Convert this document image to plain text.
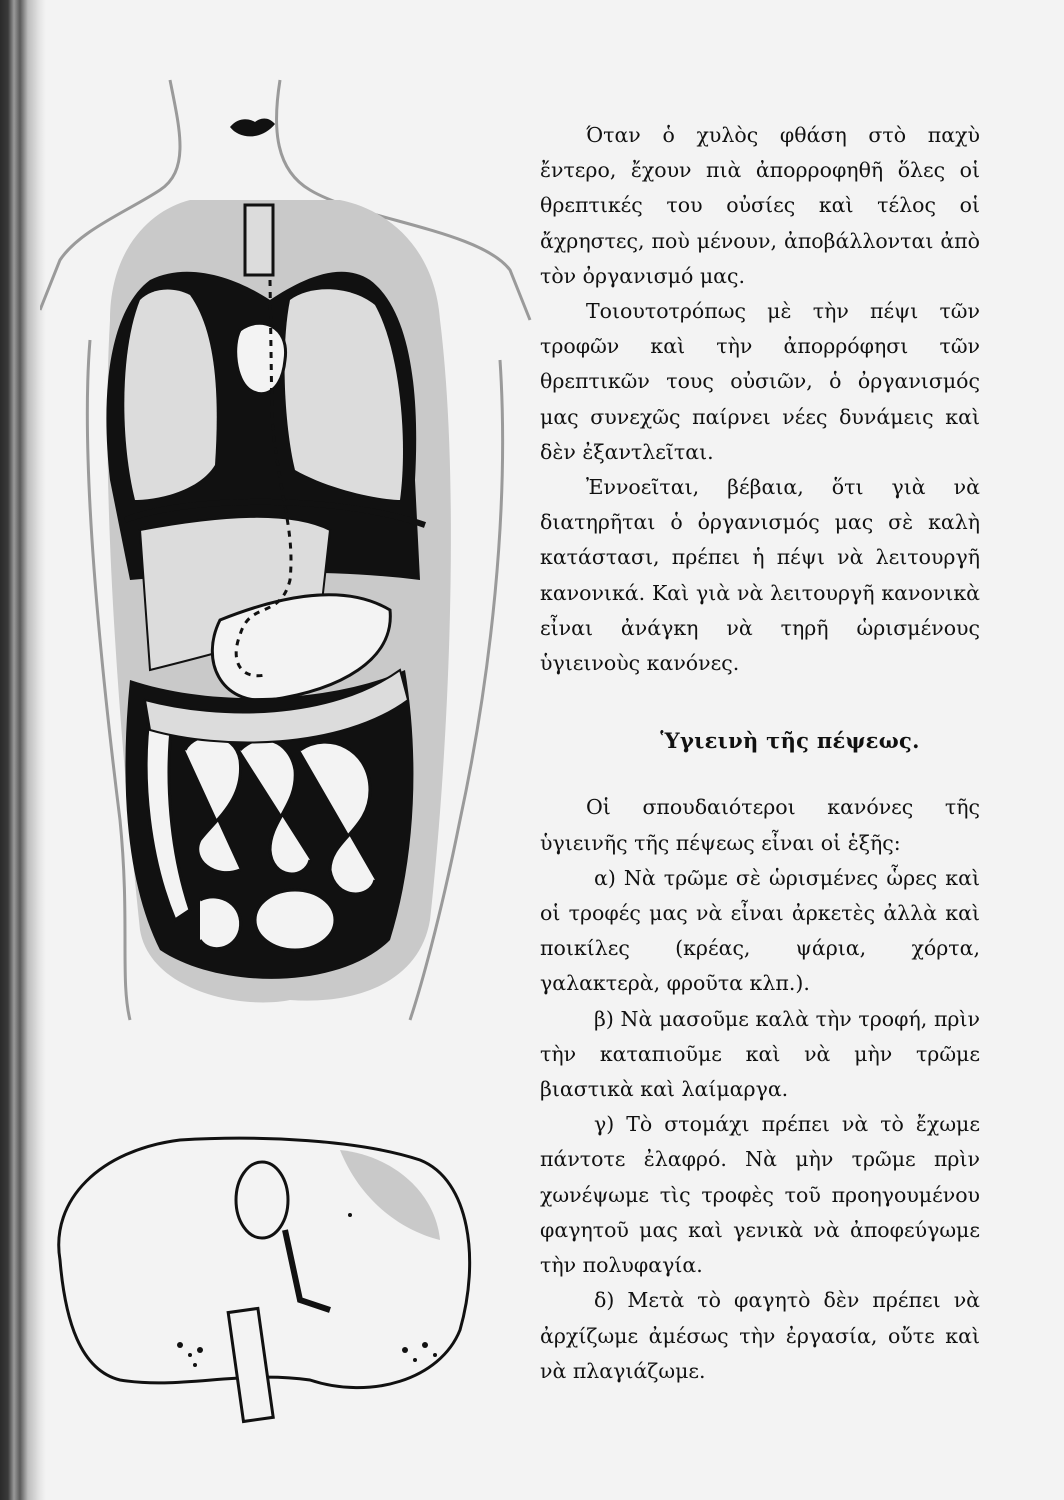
Όταν ὁ χυλὸς φθάση στὸ παχὺ ἔντερο, ἔχουν πιὰ ἀπορροφηθῆ ὅλες οἱ θρεπτικές του οὐσίες καὶ τέλος οἱ ἄχρηστες, ποὺ μένουν, ἀποβάλλονται ἀπὸ τὸν ὀργανισμό μας.

Τοιουτοτρόπως μὲ τὴν πέψι τῶν τροφῶν καὶ τὴν ἀπορρόφησι τῶν θρεπτικῶν τους οὐσιῶν, ὁ ὀργανισμός μας συνεχῶς παίρνει νέες δυνάμεις καὶ δὲν ἐξαντλεῖται.

Ἐννοεῖται, βέβαια, ὅτι γιὰ νὰ διατηρῆται ὁ ὀργανισμός μας σὲ καλὴ κατάστασι, πρέπει ἡ πέψι νὰ λειτουργῆ κανονικά. Καὶ γιὰ νὰ λειτουργῆ κανονικὰ εἶναι ἀνάγκη νὰ τηρῆ ὡρισμένους ὑγιεινοὺς κανόνες.

Ὑγιεινὴ τῆς πέψεως.

Οἱ σπουδαιότεροι κανόνες τῆς ὑγιεινῆς τῆς πέψεως εἶναι οἱ ἑξῆς:

α) Νὰ τρῶμε σὲ ὡρισμένες ὧρες καὶ οἱ τροφές μας νὰ εἶναι ἀρκετὲς ἀλλὰ καὶ ποικίλες (κρέας, ψάρια, χόρτα, γαλακτερὰ, φροῦτα κλπ.).

β) Νὰ μασοῦμε καλὰ τὴν τροφή, πρὶν τὴν καταπιοῦμε καὶ νὰ μὴν τρῶμε βιαστικὰ καὶ λαίμαργα.

γ) Τὸ στομάχι πρέπει νὰ τὸ ἔχωμε πάντοτε ἐλαφρό. Νὰ μὴν τρῶμε πρὶν χωνέψωμε τὶς τροφὲς τοῦ προηγουμένου φαγητοῦ μας καὶ γενικὰ νὰ ἀποφεύγωμε τὴν πολυφαγία.

δ) Μετὰ τὸ φαγητὸ δὲν πρέπει νὰ ἀρχίζωμε ἀμέσως τὴν ἐργασία, οὔτε καὶ νὰ πλαγιάζωμε.
